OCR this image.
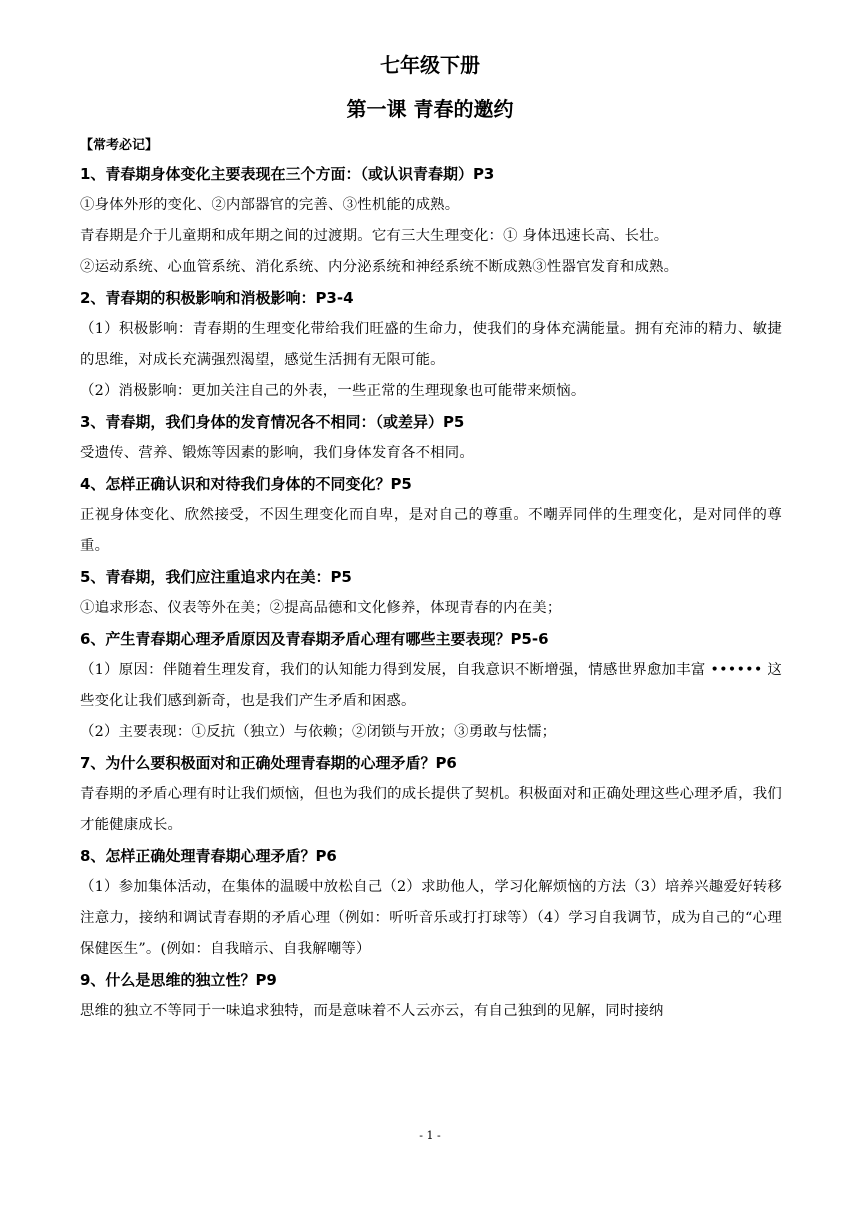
七年级下册
第一课 青春的邀约
【常考必记】
1、青春期身体变化主要表现在三个方面：（或认识青春期）P3
①身体外形的变化、②内部器官的完善、③性机能的成熟。
青春期是介于儿童期和成年期之间的过渡期。它有三大生理变化：① 身体迅速长高、长壮。
②运动系统、心血管系统、消化系统、内分泌系统和神经系统不断成熟③性器官发育和成熟。
2、青春期的积极影响和消极影响：P3-4
（1）积极影响：青春期的生理变化带给我们旺盛的生命力，使我们的身体充满能量。拥有充沛的精力、敏捷的思维，对成长充满强烈渴望，感觉生活拥有无限可能。
（2）消极影响：更加关注自己的外表，一些正常的生理现象也可能带来烦恼。
3、青春期，我们身体的发育情况各不相同：（或差异）P5
受遗传、营养、锻炼等因素的影响，我们身体发育各不相同。
4、怎样正确认识和对待我们身体的不同变化？P5
正视身体变化、欣然接受，不因生理变化而自卑，是对自己的尊重。不嘲弄同伴的生理变化，是对同伴的尊重。
5、青春期，我们应注重追求内在美：P5
①追求形态、仪表等外在美；②提高品德和文化修养，体现青春的内在美；
6、产生青春期心理矛盾原因及青春期矛盾心理有哪些主要表现？P5-6
（1）原因：伴随着生理发育，我们的认知能力得到发展，自我意识不断增强，情感世界愈加丰富 •••••• 这些变化让我们感到新奇，也是我们产生矛盾和困惑。
（2）主要表现：①反抗（独立）与依赖；②闭锁与开放；③勇敢与怯懦；
7、为什么要积极面对和正确处理青春期的心理矛盾？P6
青春期的矛盾心理有时让我们烦恼，但也为我们的成长提供了契机。积极面对和正确处理这些心理矛盾，我们才能健康成长。
8、怎样正确处理青春期心理矛盾？P6
（1）参加集体活动，在集体的温暖中放松自己（2）求助他人，学习化解烦恼的方法（3）培养兴趣爱好转移注意力，接纳和调试青春期的矛盾心理（例如：听听音乐或打打球等）（4）学习自我调节，成为自己的“心理保健医生”。(例如：自我暗示、自我解嘲等）
9、什么是思维的独立性？P9
思维的独立不等同于一味追求独特，而是意味着不人云亦云，有自己独到的见解，同时接纳
- 1 -
